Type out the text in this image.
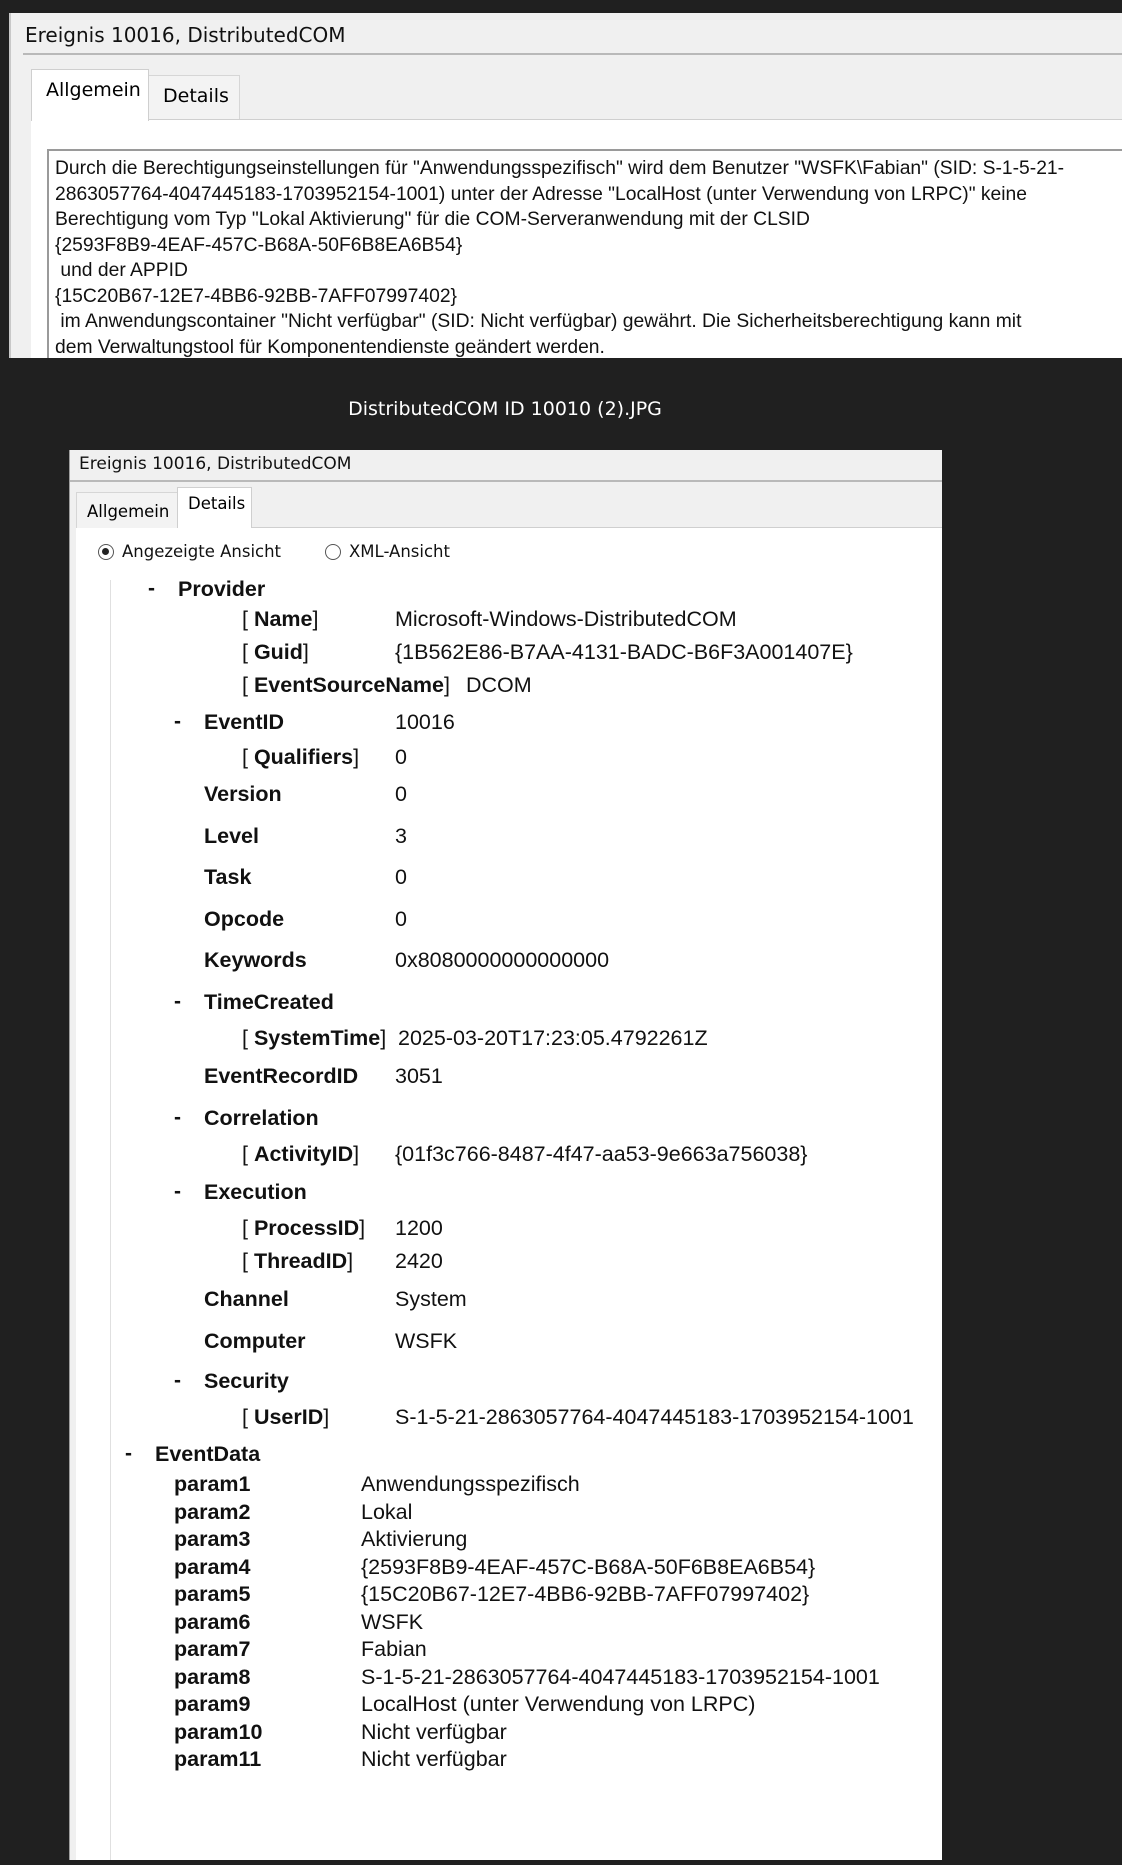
Ereignis 10016, DistributedCOM
Allgemein	Details
Durch die Berechtigungseinstellungen für "Anwendungsspezifisch" wird dem Benutzer "WSFK\Fabian" (SID: S-1-5-21-
2863057764-4047445183-1703952154-1001) unter der Adresse "LocalHost (unter Verwendung von LRPC)" keine
Berechtigung vom Typ "Lokal Aktivierung" für die COM-Serveranwendung mit der CLSID
{2593F8B9-4EAF-457C-B68A-50F6B8EA6B54}
und der APPID
{15C20B67-12E7-4BB6-92BB-7AFF07997402}
im Anwendungscontainer "Nicht verfügbar" (SID: Nicht verfügbar) gewährt. Die Sicherheitsberechtigung kann mit
dem Verwaltungstool für Komponentendienste geändert werden.
DistributedCOM ID 10010 (2).JPG
Ereignis 10016, DistributedCOM
Allgemein	Details
Angezeigte Ansicht	XML-Ansicht
- Provider
[ Name]	Microsoft-Windows-DistributedCOM
[ Guid]	{1B562E86-B7AA-4131-BADC-B6F3A001407E}
[ EventSourceName] DCOM
- EventID	10016
[ Qualifiers] 0
Version	0
Level	3
Task	0
Opcode	0
Keywords	0x8080000000000000
- TimeCreated
[ SystemTime] 2025-03-20T17:23:05.4792261Z
EventRecordID 3051
- Correlation
[ ActivityID] {01f3c766-8487-4f47-aa53-9e663a756038}
- Execution
[ ProcessID] 1200
[ ThreadID] 2420
Channel	System
Computer	WSFK
- Security
[ UserID]	S-1-5-21-2863057764-4047445183-1703952154-1001
- EventData
param1	Anwendungsspezifisch
param2	Lokal
param3	Aktivierung
param4	{2593F8B9-4EAF-457C-B68A-50F6B8EA6B54}
param5	{15C20B67-12E7-4BB6-92BB-7AFF07997402}
param6	WSFK
param7	Fabian
param8	S-1-5-21-2863057764-4047445183-1703952154-1001
param9	LocalHost (unter Verwendung von LRPC)
param10	Nicht verfügbar
param11	Nicht verfügbar
